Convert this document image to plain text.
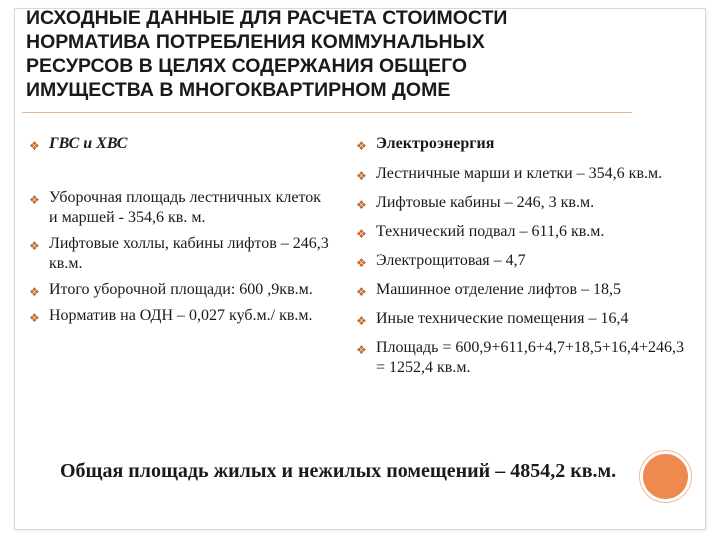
ИСХОДНЫЕ ДАННЫЕ ДЛЯ РАСЧЕТА СТОИМОСТИ
НОРМАТИВА ПОТРЕБЛЕНИЯ КОММУНАЛЬНЫХ
РЕСУРСОВ В ЦЕЛЯХ СОДЕРЖАНИЯ ОБЩЕГО
ИМУЩЕСТВА В МНОГОКВАРТИРНОМ ДОМЕ
❖ ГВС и ХВС
❖ Уборочная площадь лестничных клеток и маршей - 354,6 кв. м.
❖ Лифтовые холлы, кабины лифтов – 246,3 кв.м.
❖ Итого уборочной площади: 600 ,9кв.м.
❖ Норматив на ОДН – 0,027 куб.м./ кв.м.
❖ Электроэнергия
❖ Лестничные марши и клетки – 354,6 кв.м.
❖ Лифтовые кабины – 246, 3 кв.м.
❖ Технический подвал – 611,6 кв.м.
❖ Электрощитовая – 4,7
❖ Машинное отделение лифтов – 18,5
❖ Иные технические помещения – 16,4
❖ Площадь = 600,9+611,6+4,7+18,5+16,4+246,3 = 1252,4 кв.м.
Общая площадь жилых и нежилых помещений – 4854,2 кв.м.
